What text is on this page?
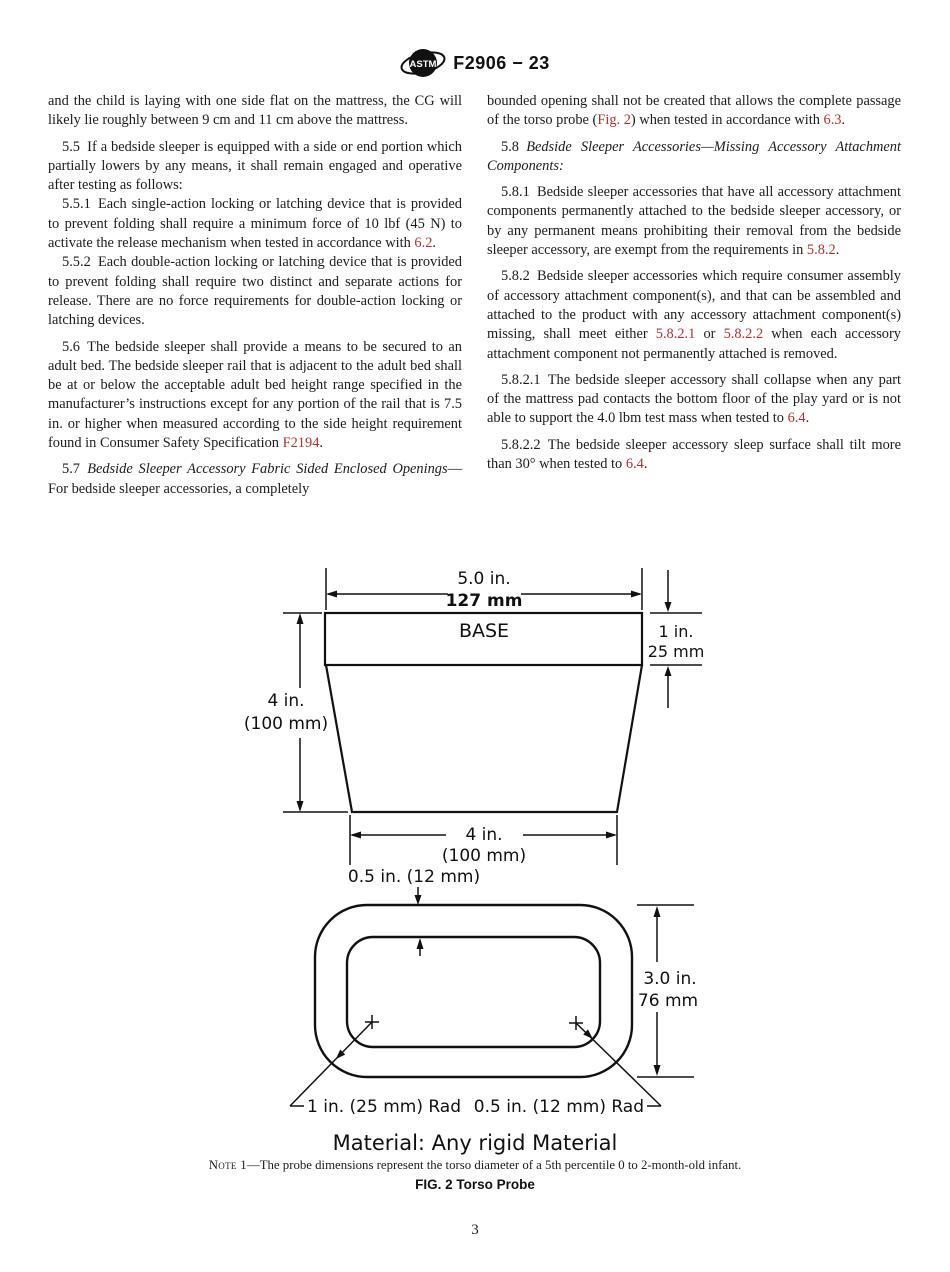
ASTM F2906 − 23

and the child is laying with one side flat on the mattress, the CG will likely lie roughly between 9 cm and 11 cm above the mattress.

5.5 If a bedside sleeper is equipped with a side or end portion which partially lowers by any means, it shall remain engaged and operative after testing as follows:

5.5.1 Each single-action locking or latching device that is provided to prevent folding shall require a minimum force of 10 lbf (45 N) to activate the release mechanism when tested in accordance with 6.2.

5.5.2 Each double-action locking or latching device that is provided to prevent folding shall require two distinct and separate actions for release. There are no force requirements for double-action locking or latching devices.

5.6 The bedside sleeper shall provide a means to be secured to an adult bed. The bedside sleeper rail that is adjacent to the adult bed shall be at or below the acceptable adult bed height range specified in the manufacturer’s instructions except for any portion of the rail that is 7.5 in. or higher when measured according to the side height requirement found in Consumer Safety Specification F2194.

5.7 Bedside Sleeper Accessory Fabric Sided Enclosed Openings—For bedside sleeper accessories, a completely

bounded opening shall not be created that allows the complete passage of the torso probe (Fig. 2) when tested in accordance with 6.3.

5.8 Bedside Sleeper Accessories—Missing Accessory Attachment Components:

5.8.1 Bedside sleeper accessories that have all accessory attachment components permanently attached to the bedside sleeper accessory, or by any permanent means prohibiting their removal from the bedside sleeper accessory, are exempt from the requirements in 5.8.2.

5.8.2 Bedside sleeper accessories which require consumer assembly of accessory attachment component(s), and that can be assembled and attached to the product with any accessory attachment component(s) missing, shall meet either 5.8.2.1 or 5.8.2.2 when each accessory attachment component not permanently attached is removed.

5.8.2.1 The bedside sleeper accessory shall collapse when any part of the mattress pad contacts the bottom floor of the play yard or is not able to support the 4.0 lbm test mass when tested to 6.4.

5.8.2.2 The bedside sleeper accessory sleep surface shall tilt more than 30° when tested to 6.4.

5.0 in.
127 mm
BASE	1 in.
25 mm
4 in.
(100 mm)
4 in.
(100 mm)
0.5 in. (12 mm)
3.0 in.
76 mm
1 in. (25 mm) Rad 0.5 in. (12 mm) Rad
Material: Any rigid Material
Note 1—The probe dimensions represent the torso diameter of a 5th percentile 0 to 2-month-old infant.
FIG. 2 Torso Probe
3
